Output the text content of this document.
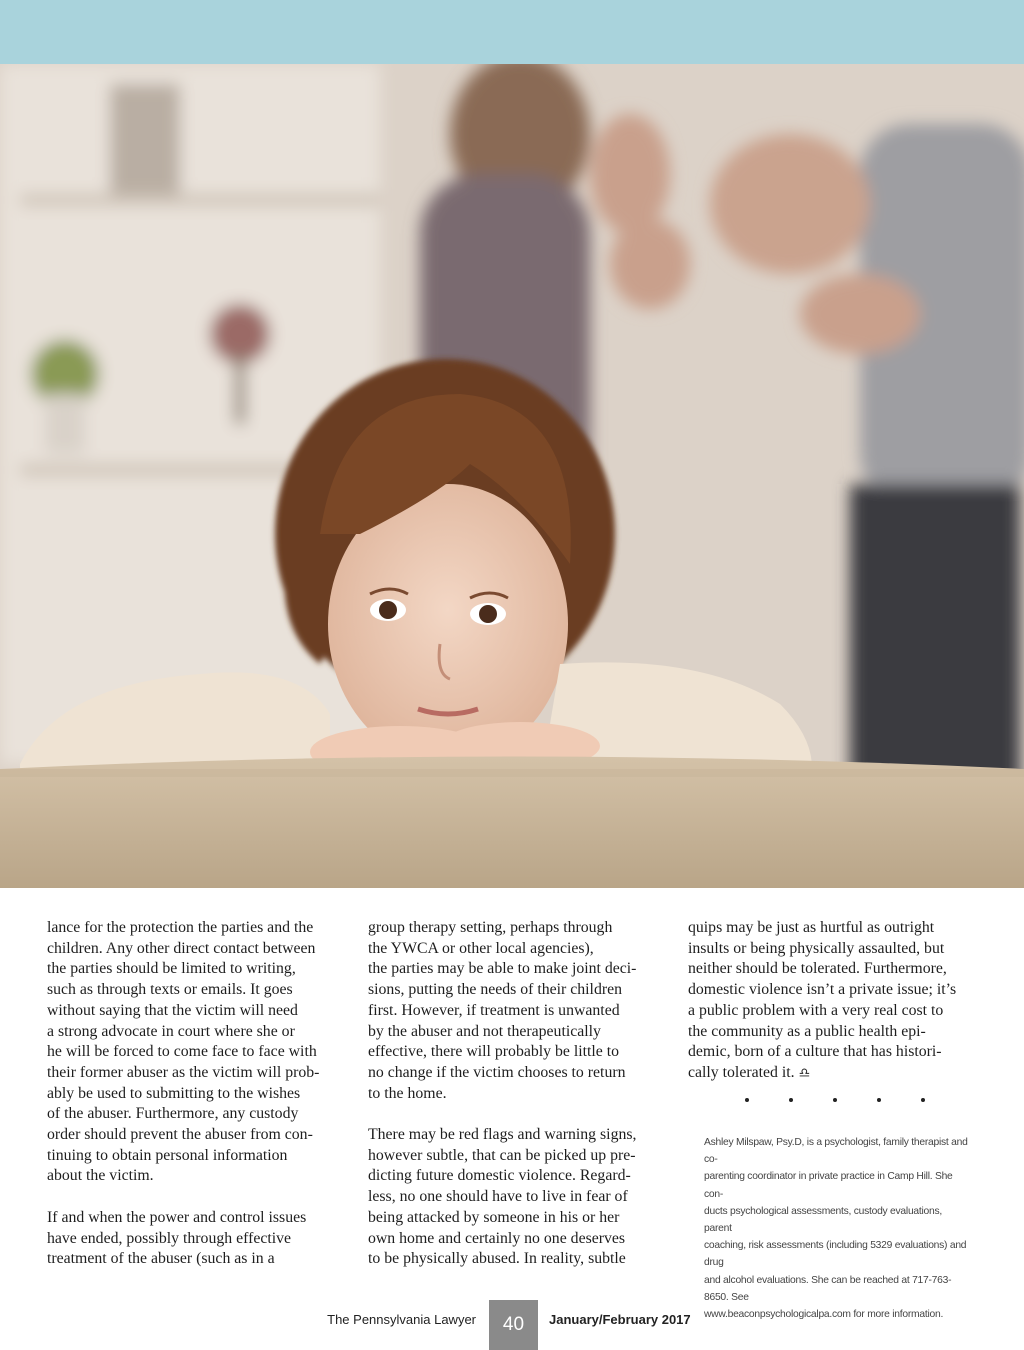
lance for the protection the parties and the
children. Any other direct contact between
the parties should be limited to writing,
such as through texts or emails. It goes
without saying that the victim will need
a strong advocate in court where she or
he will be forced to come face to face with
their former abuser as the victim will prob-
ably be used to submitting to the wishes
of the abuser. Furthermore, any custody
order should prevent the abuser from con-
tinuing to obtain personal information
about the victim.

If and when the power and control issues
have ended, possibly through effective
treatment of the abuser (such as in a

group therapy setting, perhaps through
the YWCA or other local agencies),
the parties may be able to make joint deci-
sions, putting the needs of their children
first. However, if treatment is unwanted
by the abuser and not therapeutically
effective, there will probably be little to
no change if the victim chooses to return
to the home.

There may be red flags and warning signs,
however subtle, that can be picked up pre-
dicting future domestic violence. Regard-
less, no one should have to live in fear of
being attacked by someone in his or her
own home and certainly no one deserves
to be physically abused. In reality, subtle

quips may be just as hurtful as outright
insults or being physically assaulted, but
neither should be tolerated. Furthermore,
domestic violence isn’t a private issue; it’s
a public problem with a very real cost to
the community as a public health epi-
demic, born of a culture that has histori-
cally tolerated it. ♎

Ashley Milspaw, Psy.D, is a psychologist, family therapist and co-
parenting coordinator in private practice in Camp Hill. She con-
ducts psychological assessments, custody evaluations, parent
coaching, risk assessments (including 5329 evaluations) and drug
and alcohol evaluations. She can be reached at 717-763-8650. See
www.beaconpsychologicalpa.com for more information.
The Pennsylvania Lawyer	40	January/February 2017
